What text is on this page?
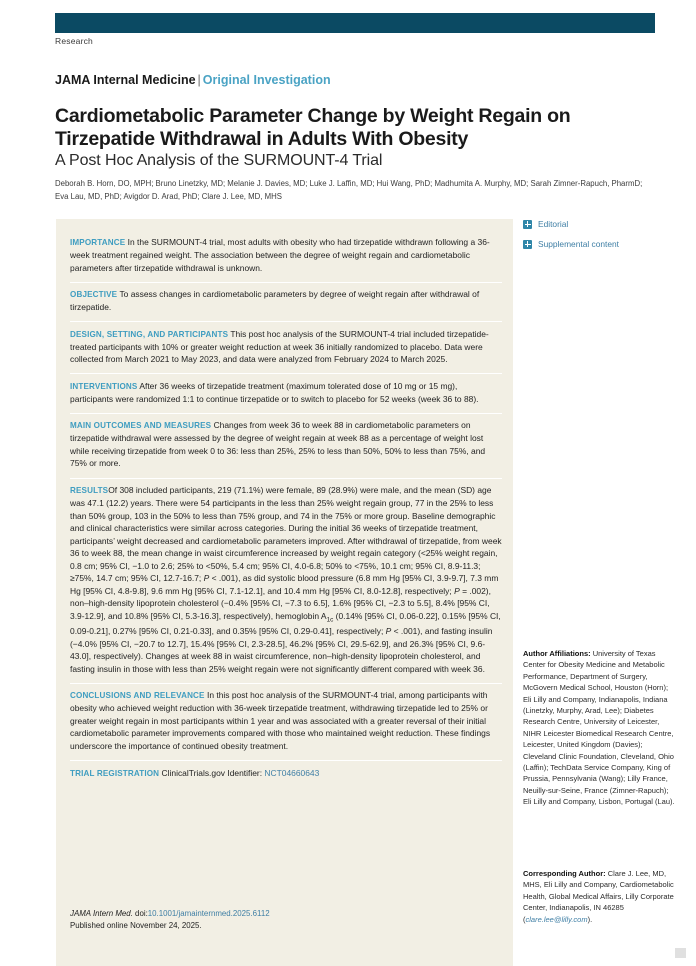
Research
JAMA Internal Medicine | Original Investigation
Cardiometabolic Parameter Change by Weight Regain on Tirzepatide Withdrawal in Adults With Obesity
A Post Hoc Analysis of the SURMOUNT-4 Trial
Deborah B. Horn, DO, MPH; Bruno Linetzky, MD; Melanie J. Davies, MD; Luke J. Laffin, MD; Hui Wang, PhD; Madhumita A. Murphy, MD; Sarah Zimner-Rapuch, PharmD; Eva Lau, MD, PhD; Avigdor D. Arad, PhD; Clare J. Lee, MD, MHS
IMPORTANCE In the SURMOUNT-4 trial, most adults with obesity who had tirzepatide withdrawn following a 36-week treatment regained weight. The association between the degree of weight regain and cardiometabolic parameters after tirzepatide withdrawal is unknown.
OBJECTIVE To assess changes in cardiometabolic parameters by degree of weight regain after withdrawal of tirzepatide.
DESIGN, SETTING, AND PARTICIPANTS This post hoc analysis of the SURMOUNT-4 trial included tirzepatide-treated participants with 10% or greater weight reduction at week 36 initially randomized to placebo. Data were collected from March 2021 to May 2023, and data were analyzed from February 2024 to March 2025.
INTERVENTIONS After 36 weeks of tirzepatide treatment (maximum tolerated dose of 10 mg or 15 mg), participants were randomized 1:1 to continue tirzepatide or to switch to placebo for 52 weeks (week 36 to 88).
MAIN OUTCOMES AND MEASURES Changes from week 36 to week 88 in cardiometabolic parameters on tirzepatide withdrawal were assessed by the degree of weight regain at week 88 as a percentage of weight lost while receiving tirzepatide from week 0 to 36: less than 25%, 25% to less than 50%, 50% to less than 75%, and 75% or more.
RESULTSOf 308 included participants, 219 (71.1%) were female, 89 (28.9%) were male, and the mean (SD) age was 47.1 (12.2) years. There were 54 participants in the less than 25% weight regain group, 77 in the 25% to less than 50% group, 103 in the 50% to less than 75% group, and 74 in the 75% or more group. Baseline demographic and clinical characteristics were similar across categories. During the initial 36 weeks of tirzepatide treatment, participants’ weight decreased and cardiometabolic parameters improved. After withdrawal of tirzepatide, from week 36 to week 88, the mean change in waist circumference increased by weight regain category (<25% weight regain, 0.8 cm; 95% CI, −1.0 to 2.6; 25% to <50%, 5.4 cm; 95% CI, 4.0-6.8; 50% to <75%, 10.1 cm; 95% CI, 8.9-11.3; ≥75%, 14.7 cm; 95% CI, 12.7-16.7; P < .001), as did systolic blood pressure (6.8 mm Hg [95% CI, 3.9-9.7], 7.3 mm Hg [95% CI, 4.8-9.8], 9.6 mm Hg [95% CI, 7.1-12.1], and 10.4 mm Hg [95% CI, 8.0-12.8], respectively; P = .002), non–high-density lipoprotein cholesterol (−0.4% [95% CI, −7.3 to 6.5], 1.6% [95% CI, −2.3 to 5.5], 8.4% [95% CI, 3.9-12.9], and 10.8% [95% CI, 5.3-16.3], respectively), hemoglobin $A_{1c}$ (0.14% [95% CI, 0.06-0.22], 0.15% [95% CI, 0.09-0.21], 0.27% [95% CI, 0.21-0.33], and 0.35% [95% CI, 0.29-0.41], respectively; P < .001), and fasting insulin (−4.0% [95% CI, −20.7 to 12.7], 15.4% [95% CI, 2.3-28.5], 46.2% [95% CI, 29.5-62.9], and 26.3% [95% CI, 9.6-43.0], respectively). Changes at week 88 in waist circumference, non–high-density lipoprotein cholesterol, and fasting insulin in those with less than 25% weight regain were not significantly different compared with week 36.
CONCLUSIONS AND RELEVANCE In this post hoc analysis of the SURMOUNT-4 trial, among participants with obesity who achieved weight reduction with 36-week tirzepatide treatment, withdrawing tirzepatide led to 25% or greater weight regain in most participants within 1 year and was associated with a greater reversal of their initial cardiometabolic parameter improvements compared with those who maintained weight reduction. These findings underscore the importance of continued obesity treatment.
TRIAL REGISTRATION ClinicalTrials.gov Identifier: NCT04660643
JAMA Intern Med. doi:10.1001/jamainternmed.2025.6112
Published online November 24, 2025.
Editorial
Supplemental content
Author Affiliations: University of Texas Center for Obesity Medicine and Metabolic Performance, Department of Surgery, McGovern Medical School, Houston (Horn); Eli Lilly and Company, Indianapolis, Indiana (Linetzky, Murphy, Arad, Lee); Diabetes Research Centre, University of Leicester, NIHR Leicester Biomedical Research Centre, Leicester, United Kingdom (Davies); Cleveland Clinic Foundation, Cleveland, Ohio (Laffin); TechData Service Company, King of Prussia, Pennsylvania (Wang); Lilly France, Neuilly-sur-Seine, France (Zimner-Rapuch); Eli Lilly and Company, Lisbon, Portugal (Lau).
Corresponding Author: Clare J. Lee, MD, MHS, Eli Lilly and Company, Cardiometabolic Health, Global Medical Affairs, Lilly Corporate Center, Indianapolis, IN 46285 (clare.lee@lilly.com).
